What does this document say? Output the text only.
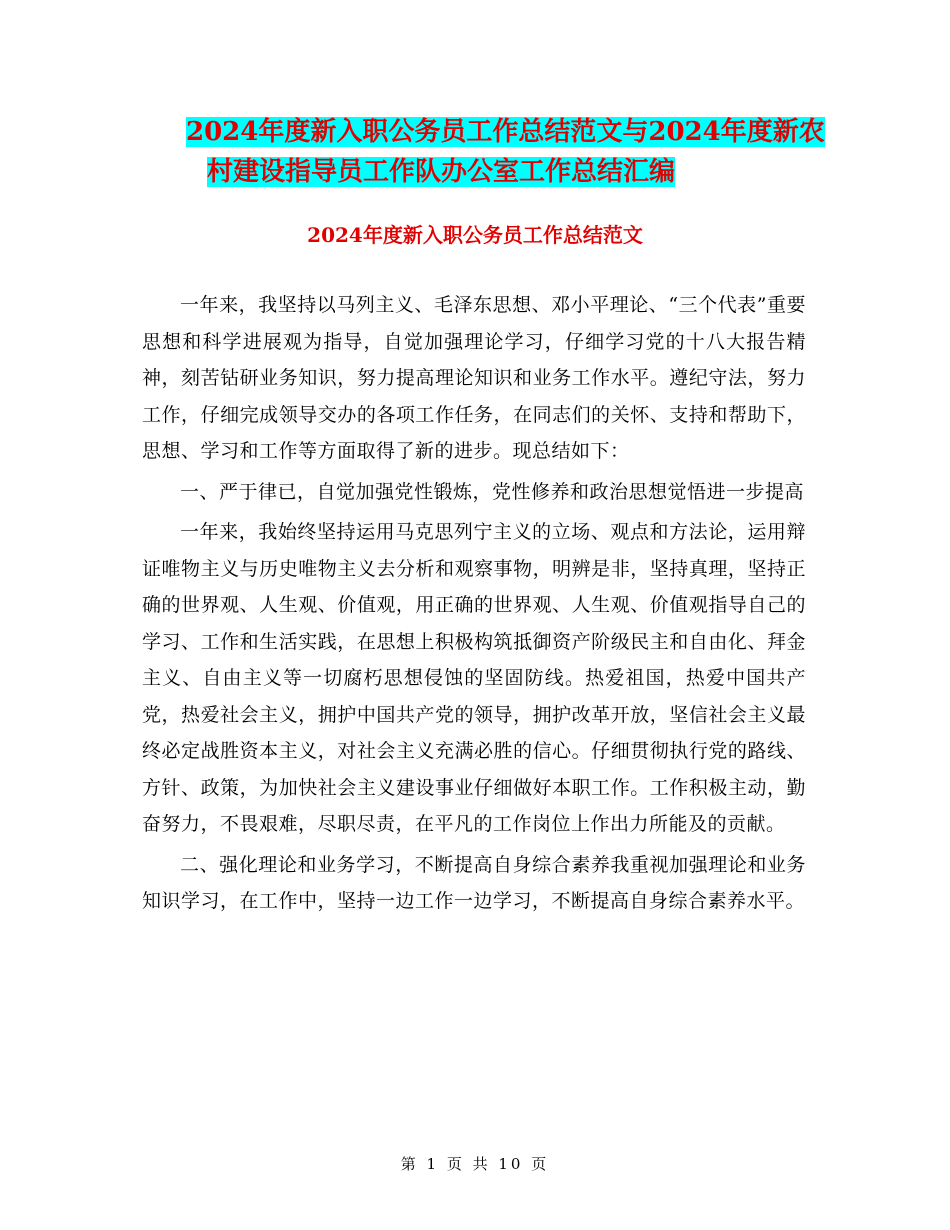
2024年度新入职公务员工作总结范文与2024年度新农
村建设指导员工作队办公室工作总结汇编
2024年度新入职公务员工作总结范文

一年来，我坚持以马列主义、毛泽东思想、邓小平理论、“三个代表”重要思想和科学进展观为指导，自觉加强理论学习，仔细学习党的十八大报告精神，刻苦钻研业务知识，努力提高理论知识和业务工作水平。遵纪守法，努力工作，仔细完成领导交办的各项工作任务，在同志们的关怀、支持和帮助下，思想、学习和工作等方面取得了新的进步。现总结如下：

一、严于律已，自觉加强党性锻炼，党性修养和政治思想觉悟进一步提高

一年来，我始终坚持运用马克思列宁主义的立场、观点和方法论，运用辩证唯物主义与历史唯物主义去分析和观察事物，明辨是非，坚持真理，坚持正确的世界观、人生观、价值观，用正确的世界观、人生观、价值观指导自己的学习、工作和生活实践，在思想上积极构筑抵御资产阶级民主和自由化、拜金主义、自由主义等一切腐朽思想侵蚀的坚固防线。热爱祖国，热爱中国共产党，热爱社会主义，拥护中国共产党的领导，拥护改革开放，坚信社会主义最终必定战胜资本主义，对社会主义充满必胜的信心。仔细贯彻执行党的路线、方针、政策，为加快社会主义建设事业仔细做好本职工作。工作积极主动，勤奋努力，不畏艰难，尽职尽责，在平凡的工作岗位上作出力所能及的贡献。

二、强化理论和业务学习，不断提高自身综合素养我重视加强理论和业务知识学习，在工作中，坚持一边工作一边学习，不断提高自身综合素养水平。

第 1 页 共 10 页
